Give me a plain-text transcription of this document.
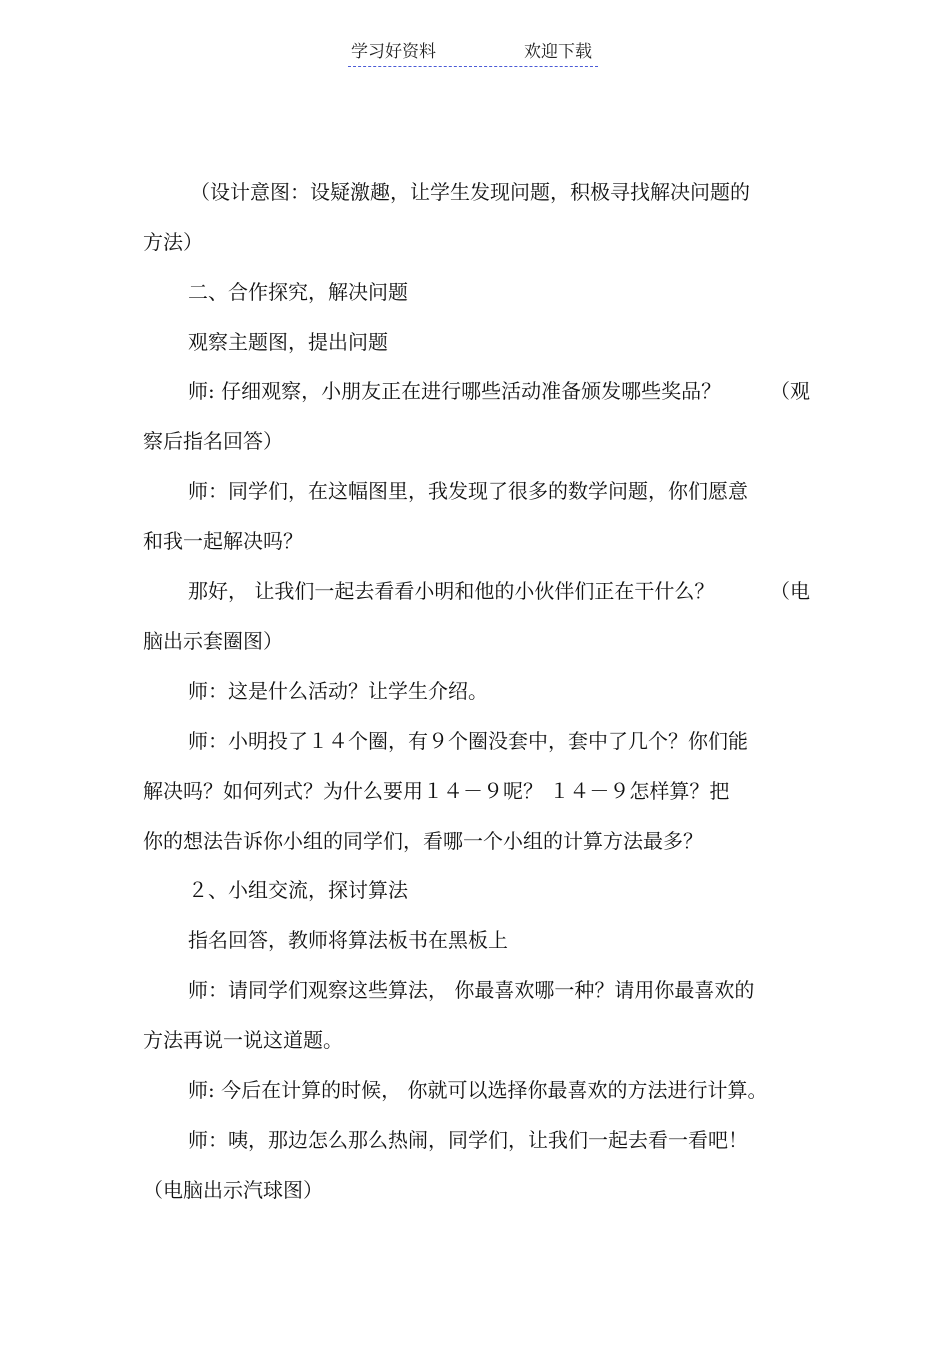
学习好资料	欢迎下载
（设计意图：设疑激趣，让学生发现问题，积极寻找解决问题的
方法）
二、合作探究，解决问题
观察主题图，提出问题
师: 仔细观察，小朋友正在进行哪些活动准备颁发哪些奖品？ （观
察后指名回答）
师：同学们，在这幅图里，我发现了很多的数学问题，你们愿意
和我一起解决吗？
那好， 让我们一起去看看小明和他的小伙伴们正在干什么？	（电
脑出示套圈图）
师：这是什么活动？让学生介绍。
师：小明投了１４个圈，有９个圈没套中，套中了几个？你们能
解决吗？如何列式？为什么要用１４－９呢？ １４－９怎样算？把
你的想法告诉你小组的同学们，看哪一个小组的计算方法最多？
２、小组交流，探讨算法
指名回答，教师将算法板书在黑板上
师：请同学们观察这些算法， 你最喜欢哪一种？请用你最喜欢的
方法再说一说这道题。
师: 今后在计算的时候， 你就可以选择你最喜欢的方法进行计算。
师：咦，那边怎么那么热闹，同学们，让我们一起去看一看吧！
（电脑出示汽球图）
